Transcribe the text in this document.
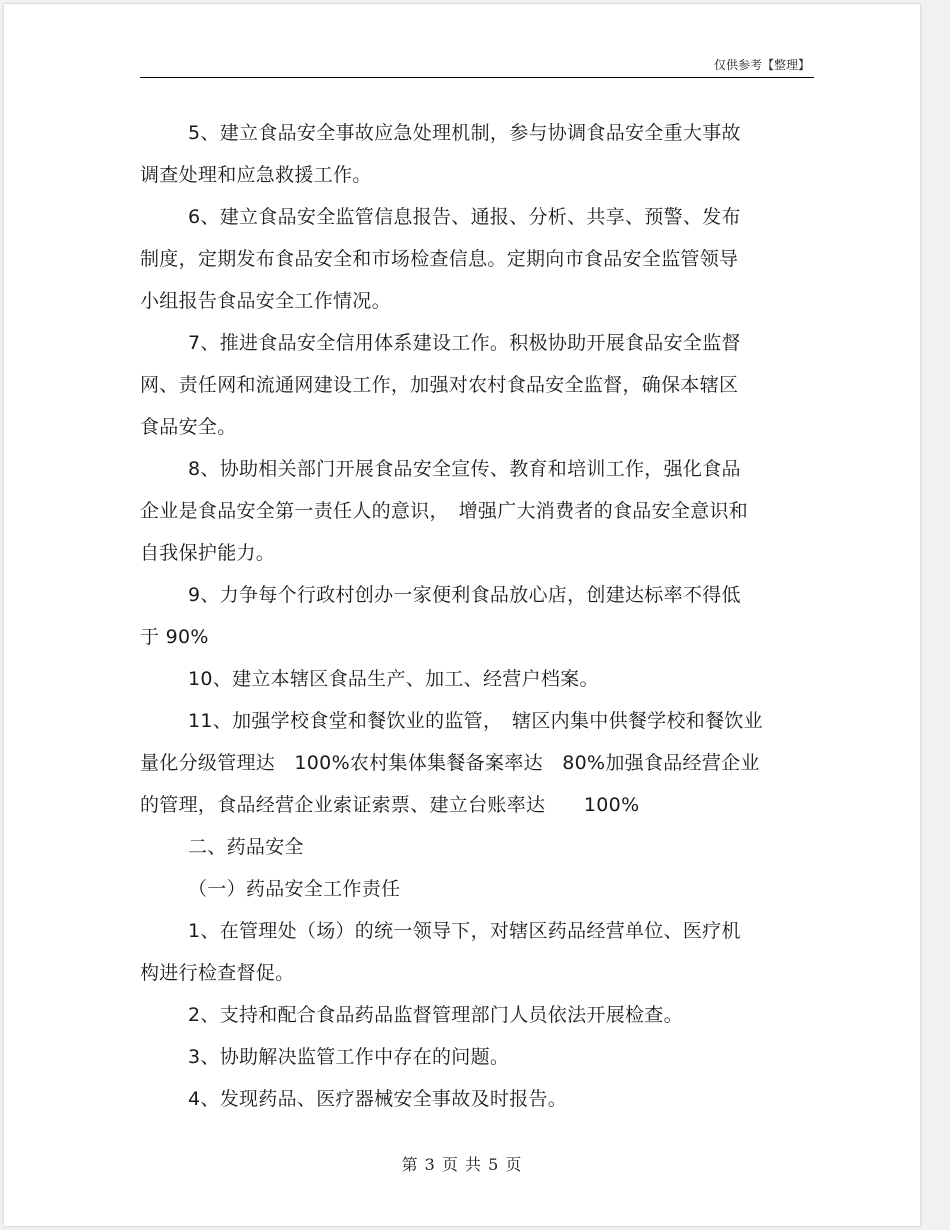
仅供参考【整理】
5、建立食品安全事故应急处理机制，参与协调食品安全重大事故
调查处理和应急救援工作。
6、建立食品安全监管信息报告、通报、分析、共享、预警、发布
制度，定期发布食品安全和市场检查信息。定期向市食品安全监管领导
小组报告食品安全工作情况。
7、推进食品安全信用体系建设工作。积极协助开展食品安全监督
网、责任网和流通网建设工作，加强对农村食品安全监督，确保本辖区
食品安全。
8、协助相关部门开展食品安全宣传、教育和培训工作，强化食品
企业是食品安全第一责任人的意识，　增强广大消费者的食品安全意识和
自我保护能力。
9、力争每个行政村创办一家便利食品放心店，创建达标率不得低
于 90%
10、建立本辖区食品生产、加工、经营户档案。
11、加强学校食堂和餐饮业的监管，　辖区内集中供餐学校和餐饮业
量化分级管理达　100%农村集体集餐备案率达　80%加强食品经营企业
的管理，食品经营企业索证索票、建立台账率达　　100%
二、药品安全
（一）药品安全工作责任
1、在管理处（场）的统一领导下，对辖区药品经营单位、医疗机
构进行检查督促。
2、支持和配合食品药品监督管理部门人员依法开展检查。
3、协助解决监管工作中存在的问题。
4、发现药品、医疗器械安全事故及时报告。
第 3 页 共 5 页
